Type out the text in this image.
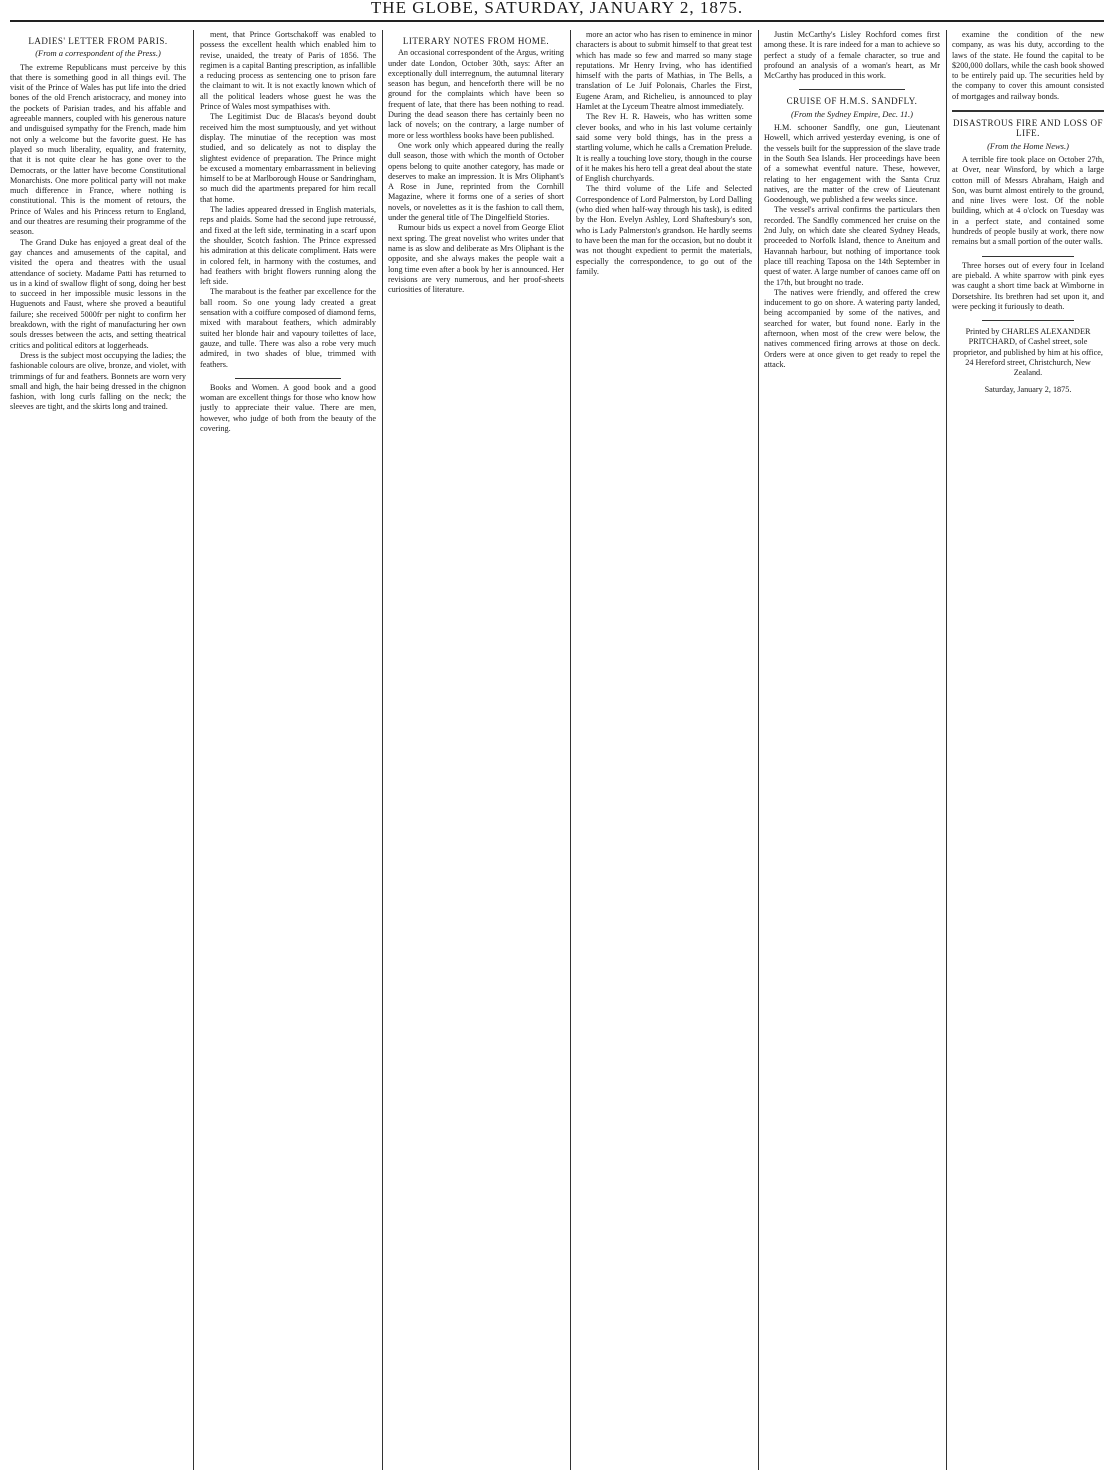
THE GLOBE, SATURDAY, JANUARY 2, 1875.
LADIES' LETTER FROM PARIS.
(From a correspondent of the Press.)

The extreme Republicans must perceive by this that there is something good in all things evil. The visit of the Prince of Wales has put life into the dried bones of the old French aristocracy, and money into the pockets of Parisian trades, and his affable and agreeable manners, coupled with his generous nature and undisguised sympathy for the French, made him not only a welcome but the favorite guest. He has played so much liberality, equality, and fraternity, that it is not quite clear he has gone over to the Democrats, or the latter have become Constitutional Monarchists. One more political party will not make much difference in France, where nothing is constitutional. This is the moment of retours, the Prince of Wales and his Princess return to England, and our theatres are resuming their programme of the season.

The Grand Duke has enjoyed a great deal of the gay chances and amusements of the capital, and visited the opera and theatres with the usual attendance of society. Madame Patti has returned to us in a kind of swallow flight of song, doing her best to succeed in her impossible music lessons in the Huguenots and Faust, where she proved a beautiful failure; she received 5000fr per night to confirm her breakdown, with the right of manufacturing her own souls dresses between the acts, and setting theatrical critics and political editors at loggerheads.

Dress is the subject most occupying the ladies; the fashionable colours are olive, bronze, and violet, with trimmings of fur and feathers. Bonnets are worn very small and high, the hair being dressed in the chignon fashion, with long curls falling on the neck; the sleeves are tight, and the skirts long and trained.

ment, that Prince Gortschakoff was enabled to possess the excellent health which enabled him to revise, unaided, the treaty of Paris of 1856. The regimen is a capital Banting prescription, as infallible a reducing process as sentencing one to prison fare the claimant to wit. It is not exactly known which of all the political leaders whose guest he was the Prince of Wales most sympathises with.

The Legitimist Duc de Blacas's beyond doubt received him the most sumptuously, and yet without display. The minutiae of the reception was most studied, and so delicately as not to display the slightest evidence of preparation. The Prince might be excused a momentary embarrassment in believing himself to be at Marlborough House or Sandringham, so much did the apartments prepared for him recall that home.

The ladies appeared dressed in English materials, reps and plaids. Some had the second jupe retroussé, and fixed at the left side, terminating in a scarf upon the shoulder, Scotch fashion. The Prince expressed his admiration at this delicate compliment. Hats were in colored felt, in harmony with the costumes, and had feathers with bright flowers running along the left side.

The marabout is the feather par excellence for the ball room. So one young lady created a great sensation with a coiffure composed of diamond ferns, mixed with marabout feathers, which admirably suited her blonde hair and vapoury toilettes of lace, gauze, and tulle. There was also a robe very much admired, in two shades of blue, trimmed with feathers.

Books and Women. A good book and a good woman are excellent things for those who know how justly to appreciate their value. There are men, however, who judge of both from the beauty of the covering.

LITERARY NOTES FROM HOME.

An occasional correspondent of the Argus, writing under date London, October 30th, says: After an exceptionally dull interregnum, the autumnal literary season has begun, and henceforth there will be no ground for the complaints which have been so frequent of late, that there has been nothing to read. During the dead season there has certainly been no lack of novels; on the contrary, a large number of more or less worthless books have been published.

One work only which appeared during the really dull season, those with which the month of October opens belong to quite another category, has made or deserves to make an impression. It is Mrs Oliphant's A Rose in June, reprinted from the Cornhill Magazine, where it forms one of a series of short novels, or novelettes as it is the fashion to call them, under the general title of The Dingelfield Stories.

Rumour bids us expect a novel from George Eliot next spring. The great novelist who writes under that name is as slow and deliberate as Mrs Oliphant is the opposite, and she always makes the people wait a long time even after a book by her is announced. Her revisions are very numerous, and her proof-sheets curiosities of literature.

more an actor who has risen to eminence in minor characters is about to submit himself to that great test which has made so few and marred so many stage reputations. Mr Henry Irving, who has identified himself with the parts of Mathias, in The Bells, a translation of Le Juif Polonais, Charles the First, Eugene Aram, and Richelieu, is announced to play Hamlet at the Lyceum Theatre almost immediately.

The Rev H. R. Haweis, who has written some clever books, and who in his last volume certainly said some very bold things, has in the press a startling volume, which he calls a Cremation Prelude. It is really a touching love story, though in the course of it he makes his hero tell a great deal about the state of English churchyards.

The third volume of the Life and Selected Correspondence of Lord Palmerston, by Lord Dalling (who died when half-way through his task), is edited by the Hon. Evelyn Ashley, Lord Shaftesbury's son, who is Lady Palmerston's grandson. He hardly seems to have been the man for the occasion, but no doubt it was not thought expedient to permit the materials, especially the correspondence, to go out of the family.

Justin McCarthy's Lisley Rochford comes first among these. It is rare indeed for a man to achieve so perfect a study of a female character, so true and profound an analysis of a woman's heart, as Mr McCarthy has produced in this work.

CRUISE OF H.M.S. SANDFLY.
(From the Sydney Empire, Dec. 11.)

H.M. schooner Sandfly, one gun, Lieutenant Howell, which arrived yesterday evening, is one of the vessels built for the suppression of the slave trade in the South Sea Islands. Her proceedings have been of a somewhat eventful nature. These, however, relating to her engagement with the Santa Cruz natives, are the matter of the crew of Lieutenant Goodenough, we published a few weeks since.

The vessel's arrival confirms the particulars then recorded. The Sandfly commenced her cruise on the 2nd July, on which date she cleared Sydney Heads, proceeded to Norfolk Island, thence to Aneitum and Havannah harbour, but nothing of importance took place till reaching Taposa on the 14th September in quest of water. A large number of canoes came off on the 17th, but brought no trade.

The natives were friendly, and offered the crew inducement to go on shore. A watering party landed, being accompanied by some of the natives, and searched for water, but found none. Early in the afternoon, when most of the crew were below, the natives commenced firing arrows at those on deck. Orders were at once given to get ready to repel the attack.

examine the condition of the new company, as was his duty, according to the laws of the state. He found the capital to be $200,000 dollars, while the cash book showed to be entirely paid up. The securities held by the company to cover this amount consisted of mortgages and railway bonds.

DISASTROUS FIRE AND LOSS OF LIFE.
(From the Home News.)

A terrible fire took place on October 27th, at Over, near Winsford, by which a large cotton mill of Messrs Abraham, Haigh and Son, was burnt almost entirely to the ground, and nine lives were lost. Of the noble building, which at 4 o'clock on Tuesday was in a perfect state, and contained some hundreds of people busily at work, there now remains but a small portion of the outer walls.

Three horses out of every four in Iceland are piebald. A white sparrow with pink eyes was caught a short time back at Wimborne in Dorsetshire. Its brethren had set upon it, and were pecking it furiously to death.

Printed by CHARLES ALEXANDER PRITCHARD, of Cashel street, sole proprietor, and published by him at his office, 24 Hereford street, Christchurch, New Zealand.
Saturday, January 2, 1875.
